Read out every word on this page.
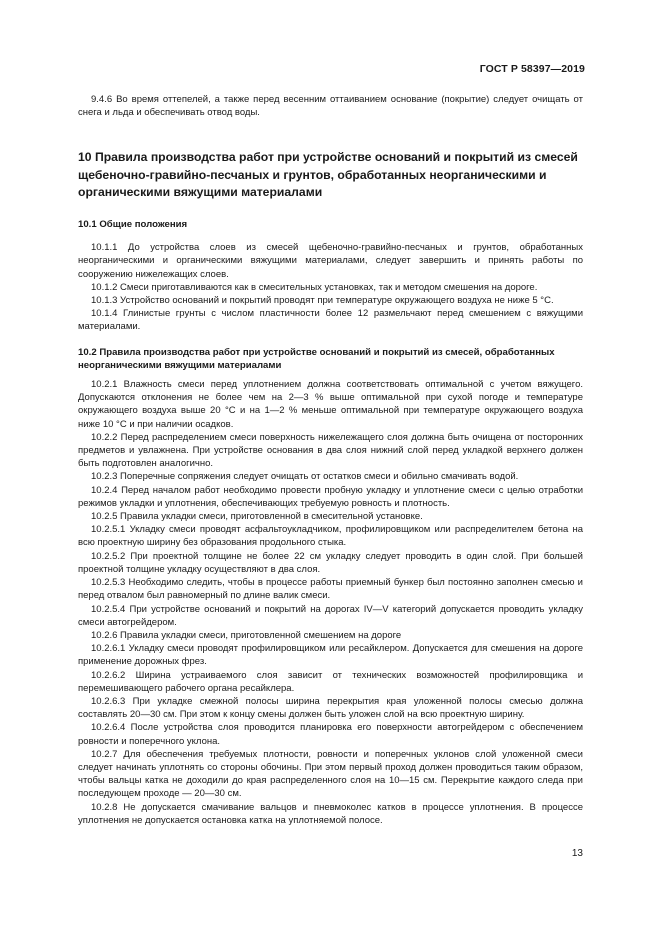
ГОСТ Р 58397—2019

9.4.6 Во время оттепелей, а также перед весенним оттаиванием основание (покрытие) следует очищать от снега и льда и обеспечивать отвод воды.

10 Правила производства работ при устройстве оснований и покрытий из смесей щебеночно-гравийно-песчаных и грунтов, обработанных неорганическими и органическими вяжущими материалами
10.1 Общие положения

10.1.1 До устройства слоев из смесей щебеночно-гравийно-песчаных и грунтов, обработанных неорганическими и органическими вяжущими материалами, следует завершить и принять работы по сооружению нижележащих слоев.

10.1.2 Смеси приготавливаются как в смесительных установках, так и методом смешения на дороге.

10.1.3 Устройство оснований и покрытий проводят при температуре окружающего воздуха не ниже 5 °С.

10.1.4 Глинистые грунты с числом пластичности более 12 размельчают перед смешением с вяжущими материалами.

10.2 Правила производства работ при устройстве оснований и покрытий из смесей, обработанных неорганическими вяжущими материалами

10.2.1 Влажность смеси перед уплотнением должна соответствовать оптимальной с учетом вяжущего. Допускаются отклонения не более чем на 2—3 % выше оптимальной при сухой погоде и температуре окружающего воздуха выше 20 °С и на 1—2 % меньше оптимальной при температуре окружающего воздуха ниже 10 °С и при наличии осадков.

10.2.2 Перед распределением смеси поверхность нижележащего слоя должна быть очищена от посторонних предметов и увлажнена. При устройстве основания в два слоя нижний слой перед укладкой верхнего должен быть подготовлен аналогично.

10.2.3 Поперечные сопряжения следует очищать от остатков смеси и обильно смачивать водой.

10.2.4 Перед началом работ необходимо провести пробную укладку и уплотнение смеси с целью отработки режимов укладки и уплотнения, обеспечивающих требуемую ровность и плотность.

10.2.5 Правила укладки смеси, приготовленной в смесительной установке.

10.2.5.1 Укладку смеси проводят асфальтоукладчиком, профилировщиком или распределителем бетона на всю проектную ширину без образования продольного стыка.

10.2.5.2 При проектной толщине не более 22 см укладку следует проводить в один слой. При большей проектной толщине укладку осуществляют в два слоя.

10.2.5.3 Необходимо следить, чтобы в процессе работы приемный бункер был постоянно заполнен смесью и перед отвалом был равномерный по длине валик смеси.

10.2.5.4 При устройстве оснований и покрытий на дорогах IV—V категорий допускается проводить укладку смеси автогрейдером.

10.2.6 Правила укладки смеси, приготовленной смешением на дороге

10.2.6.1 Укладку смеси проводят профилировщиком или ресайклером. Допускается для смешения на дороге применение дорожных фрез.

10.2.6.2 Ширина устраиваемого слоя зависит от технических возможностей профилировщика и перемешивающего рабочего органа ресайклера.

10.2.6.3 При укладке смежной полосы ширина перекрытия края уложенной полосы смесью должна составлять 20—30 см. При этом к концу смены должен быть уложен слой на всю проектную ширину.

10.2.6.4 После устройства слоя проводится планировка его поверхности автогрейдером с обеспечением ровности и поперечного уклона.

10.2.7 Для обеспечения требуемых плотности, ровности и поперечных уклонов слой уложенной смеси следует начинать уплотнять со стороны обочины. При этом первый проход должен проводиться таким образом, чтобы вальцы катка не доходили до края распределенного слоя на 10—15 см. Перекрытие каждого следа при последующем проходе — 20—30 см.

10.2.8 Не допускается смачивание вальцов и пневмоколес катков в процессе уплотнения. В процессе уплотнения не допускается остановка катка на уплотняемой полосе.

13
